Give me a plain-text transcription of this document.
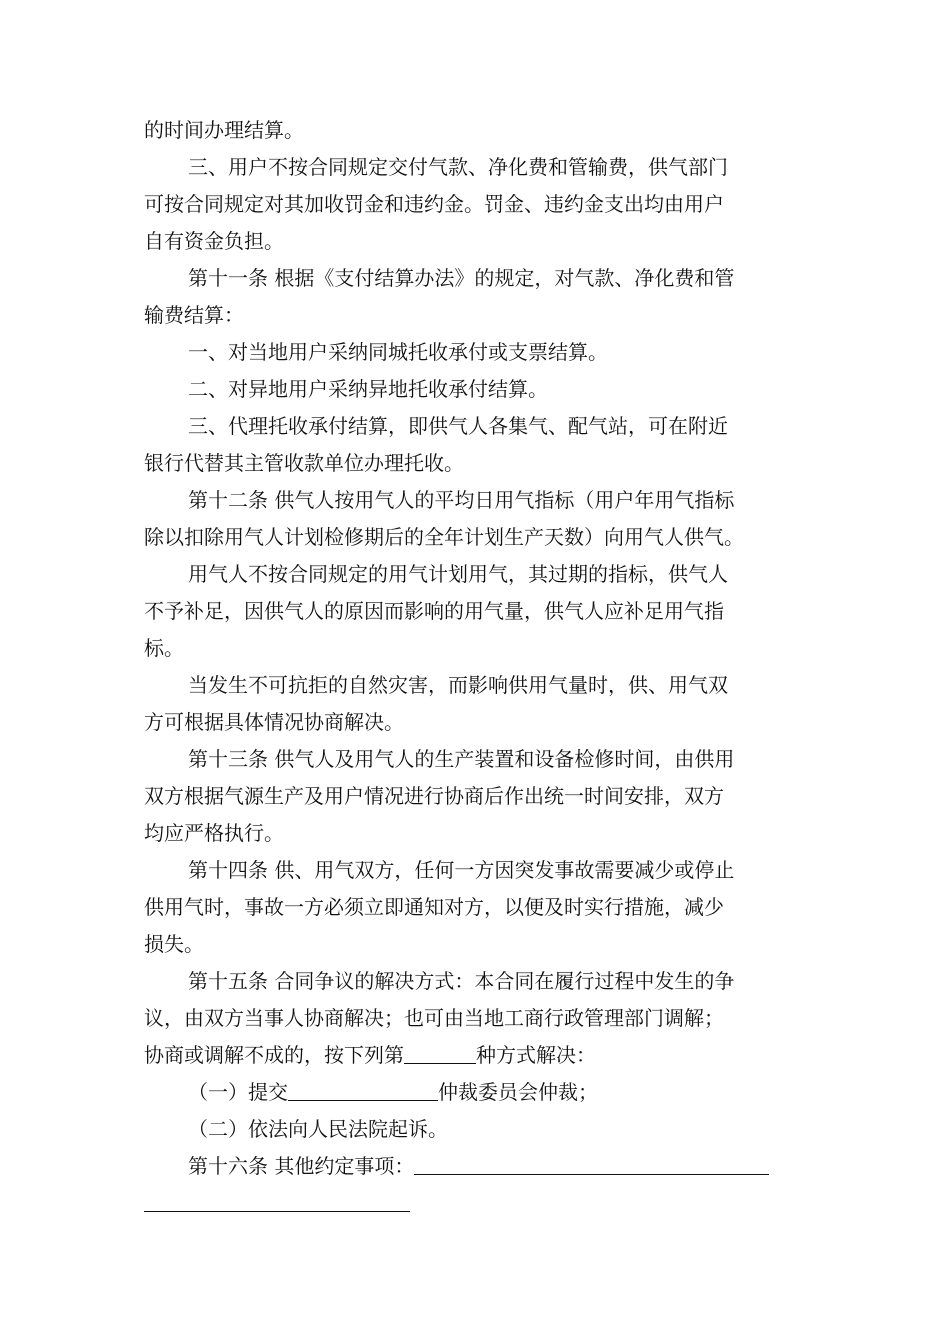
的时间办理结算。
三、用户不按合同规定交付气款、净化费和管输费，供气部门
可按合同规定对其加收罚金和违约金。罚金、违约金支出均由用户
自有资金负担。
第十一条 根据《支付结算办法》的规定，对气款、净化费和管
输费结算：
一、对当地用户采纳同城托收承付或支票结算。
二、对异地用户采纳异地托收承付结算。
三、代理托收承付结算，即供气人各集气、配气站，可在附近
银行代替其主管收款单位办理托收。
第十二条 供气人按用气人的平均日用气指标（用户年用气指标
除以扣除用气人计划检修期后的全年计划生产天数）向用气人供气。
用气人不按合同规定的用气计划用气，其过期的指标，供气人
不予补足，因供气人的原因而影响的用气量，供气人应补足用气指
标。
当发生不可抗拒的自然灾害，而影响供用气量时，供、用气双
方可根据具体情况协商解决。
第十三条 供气人及用气人的生产装置和设备检修时间，由供用
双方根据气源生产及用户情况进行协商后作出统一时间安排，双方
均应严格执行。
第十四条 供、用气双方，任何一方因突发事故需要减少或停止
供用气时，事故一方必须立即通知对方，以便及时实行措施，减少
损失。
第十五条 合同争议的解决方式：本合同在履行过程中发生的争
议，由双方当事人协商解决；也可由当地工商行政管理部门调解；
协商或调解不成的，按下列第	种方式解决：
（一）提交	仲裁委员会仲裁；
（二）依法向人民法院起诉。
第十六条 其他约定事项：
